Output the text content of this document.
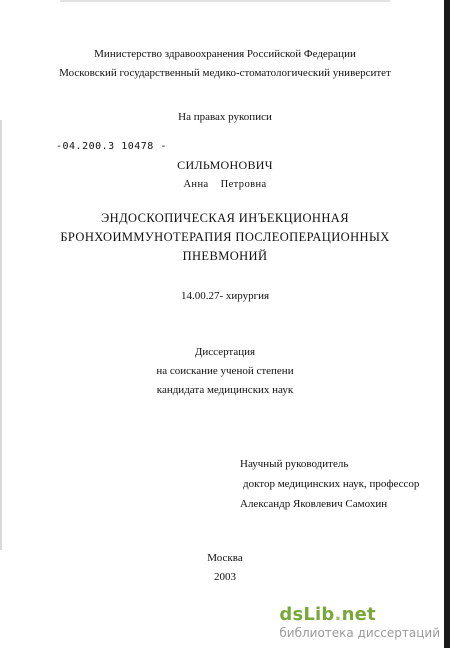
Министерство здравоохранения Российской Федерации
Московский государственный медико-стоматологический университет
На правах рукописи
-04.200.3 10478 -
СИЛЬМОНОВИЧ
Анна    Петровна
ЭНДОСКОПИЧЕСКАЯ ИНЪЕКЦИОННАЯ
БРОНХОИММУНОТЕРАПИЯ ПОСЛЕОПЕРАЦИОННЫХ
ПНЕВМОНИЙ
14.00.27- хирургия
Диссертация
на соискание ученой степени
кандидата медицинских наук
Научный руководитель
доктор медицинских наук, профессор
Александр Яковлевич Самохин
Москва
2003
dsLib.net
библиотека диссертаций
